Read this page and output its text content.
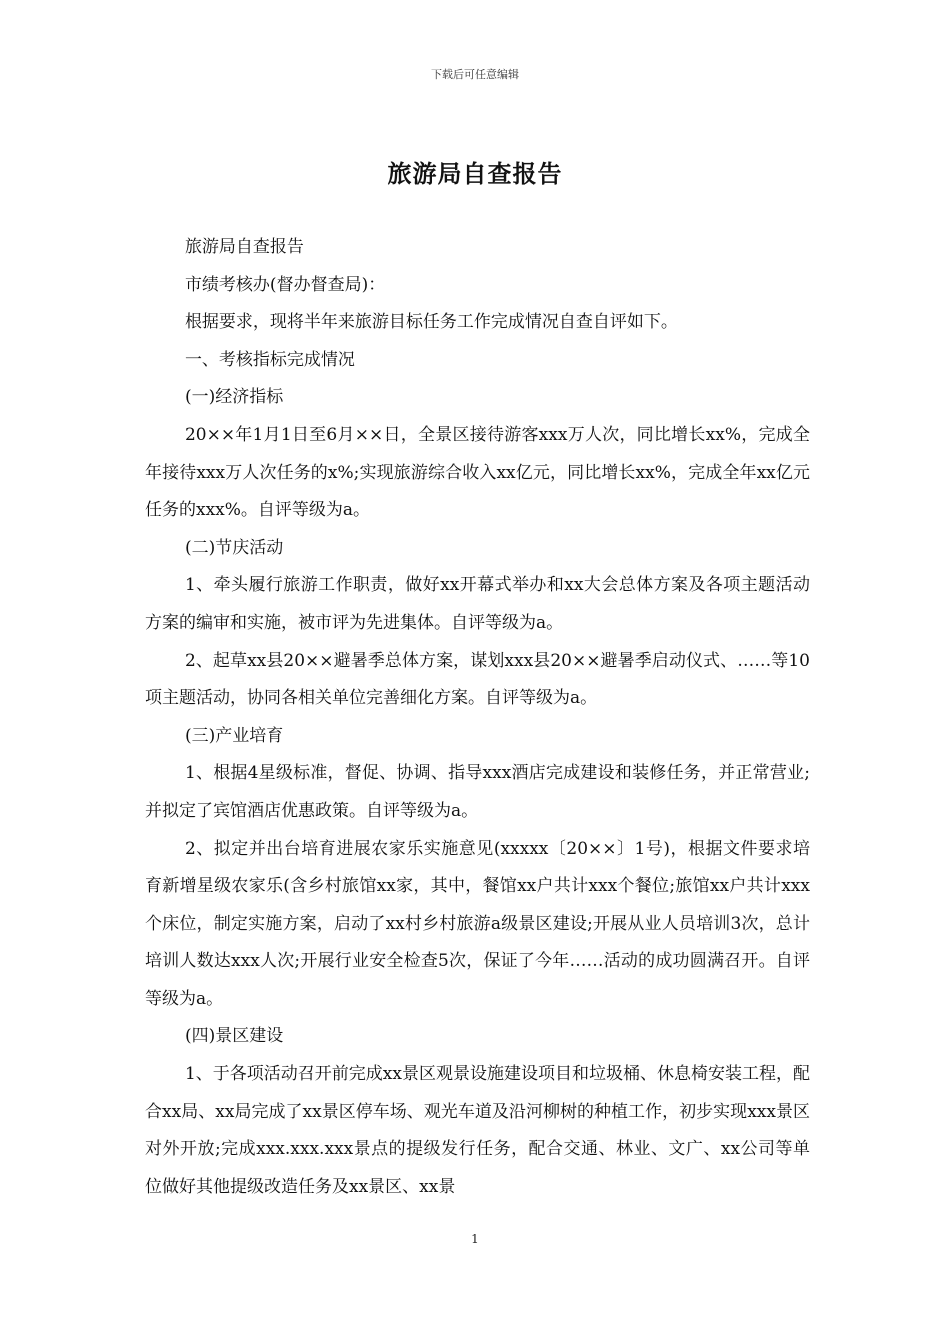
下载后可任意编辑
旅游局自查报告

旅游局自查报告

市绩考核办(督办督查局)：

根据要求，现将半年来旅游目标任务工作完成情况自查自评如下。

一、考核指标完成情况

(一)经济指标

20××年1月1日至6月××日，全景区接待游客xxx万人次，同比增长xx%，完成全年接待xxx万人次任务的x%;实现旅游综合收入xx亿元，同比增长xx%，完成全年xx亿元任务的xxx%。自评等级为a。

(二)节庆活动

1、牵头履行旅游工作职责，做好xx开幕式举办和xx大会总体方案及各项主题活动方案的编审和实施，被市评为先进集体。自评等级为a。

2、起草xx县20××避暑季总体方案，谋划xxx县20××避暑季启动仪式、……等10项主题活动，协同各相关单位完善细化方案。自评等级为a。

(三)产业培育

1、根据4星级标准，督促、协调、指导xxx酒店完成建设和装修任务，并正常营业;并拟定了宾馆酒店优惠政策。自评等级为a。

2、拟定并出台培育进展农家乐实施意见(xxxxx〔20××〕1号)，根据文件要求培育新增星级农家乐(含乡村旅馆xx家，其中，餐馆xx户共计xxx个餐位;旅馆xx户共计xxx个床位，制定实施方案，启动了xx村乡村旅游a级景区建设;开展从业人员培训3次，总计培训人数达xxx人次;开展行业安全检查5次，保证了今年……活动的成功圆满召开。自评等级为a。

(四)景区建设

1、于各项活动召开前完成xx景区观景设施建设项目和垃圾桶、休息椅安装工程，配合xx局、xx局完成了xx景区停车场、观光车道及沿河柳树的种植工作，初步实现xxx景区对外开放;完成xxx.xxx.xxx景点的提级发行任务，配合交通、林业、文广、xx公司等单位做好其他提级改造任务及xx景区、xx景

1
